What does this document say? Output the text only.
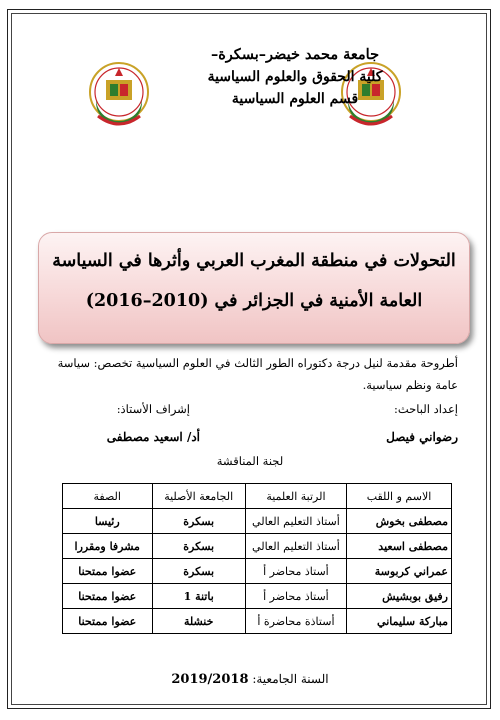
جامعة محمد خيضر–بسكرة–
كلية الحقوق والعلوم السياسية
قسم العلوم السياسية
التحولات في منطقة المغرب العربي وأثرها في السياسة
العامة الأمنية في الجزائر في (2010–2016)
أطروحة مقدمة لنيل درجة دكتوراه الطور الثالث في العلوم السياسية تخصص: سياسة عامة ونظم سياسية.
إعداد الباحث:
إشراف الأستاذ:
رضواني فيصل
أد/ اسعيد مصطفى
لجنة المناقشة
الاسم و اللقب	الرتبة العلمية	الجامعة الأصلية	الصفة
مصطفى بخوش	أستاذ التعليم العالي	بسكرة	رئيسا
مصطفى اسعيد	أستاذ التعليم العالي	بسكرة	مشرفا ومقررا
عمراني كربوسة	أستاذ محاضر أ	بسكرة	عضوا ممتحنا
رفيق بوبشيش	أستاذ محاضر أ	باتنة 1	عضوا ممتحنا
مباركة سليماني	أستاذة محاضرة أ	خنشلة	عضوا ممتحنا
السنة الجامعية: 2019/2018
